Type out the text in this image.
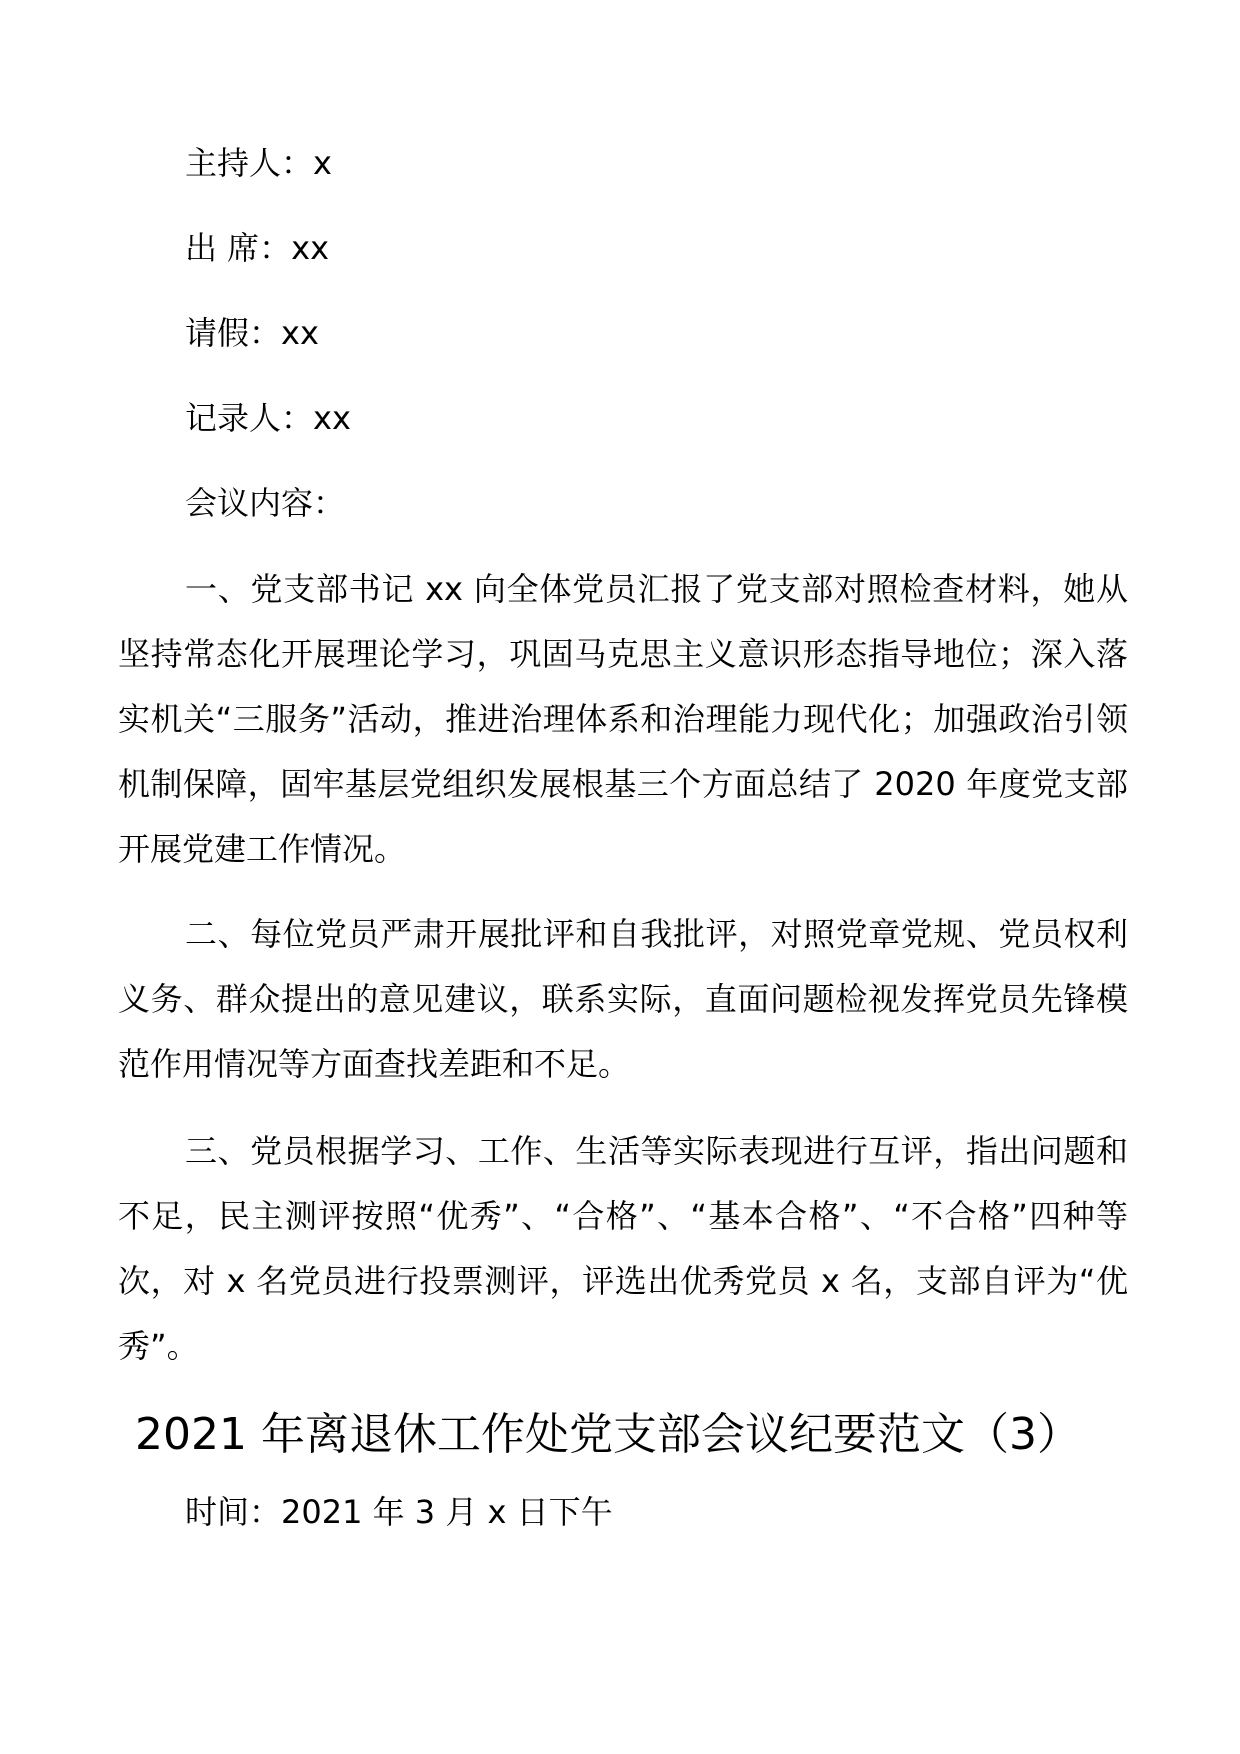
主持人：x
出 席：xx
请假：xx
记录人：xx
会议内容：

一、党支部书记 xx 向全体党员汇报了党支部对照检查材料，她从坚持常态化开展理论学习，巩固马克思主义意识形态指导地位；深入落实机关“三服务”活动，推进治理体系和治理能力现代化；加强政治引领机制保障，固牢基层党组织发展根基三个方面总结了 2020 年度党支部开展党建工作情况。

二、每位党员严肃开展批评和自我批评，对照党章党规、党员权利义务、群众提出的意见建议，联系实际，直面问题检视发挥党员先锋模范作用情况等方面查找差距和不足。

三、党员根据学习、工作、生活等实际表现进行互评，指出问题和不足，民主测评按照“优秀”、“合格”、“基本合格”、“不合格”四种等次，对 x 名党员进行投票测评，评选出优秀党员 x 名，支部自评为“优秀”。

2021 年离退休工作处党支部会议纪要范文（3）
时间：2021 年 3 月 x 日下午
